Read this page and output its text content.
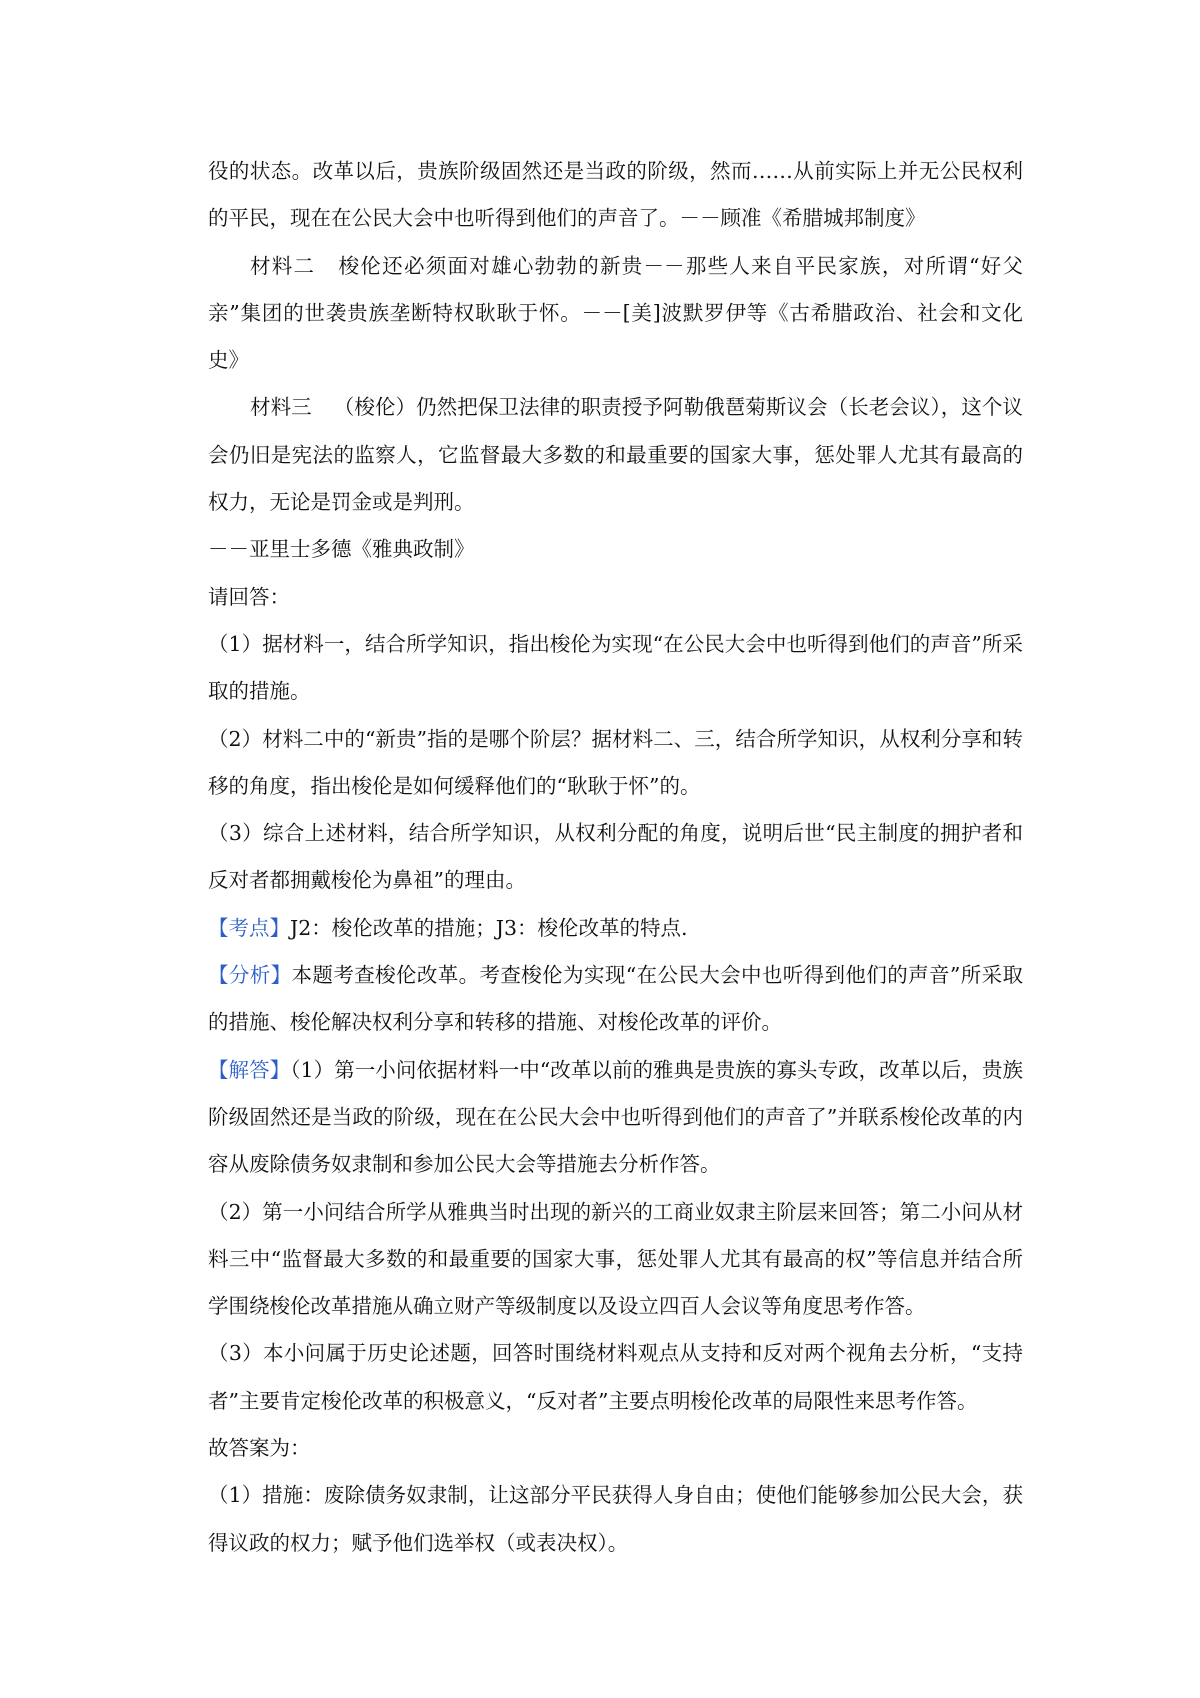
役的状态。改革以后，贵族阶级固然还是当政的阶级，然而……从前实际上并无公民权利的平民，现在在公民大会中也听得到他们的声音了。－－顾准《希腊城邦制度》

材料二 梭伦还必须面对雄心勃勃的新贵－－那些人来自平民家族，对所谓“好父亲”集团的世袭贵族垄断特权耿耿于怀。－－[美]波默罗伊等《古希腊政治、社会和文化史》

材料三 （梭伦）仍然把保卫法律的职责授予阿勒俄琶菊斯议会（长老会议），这个议会仍旧是宪法的监察人，它监督最大多数的和最重要的国家大事，惩处罪人尤其有最高的权力，无论是罚金或是判刑。

－－亚里士多德《雅典政制》

请回答：

（1）据材料一，结合所学知识，指出梭伦为实现“在公民大会中也听得到他们的声音”所采取的措施。

（2）材料二中的“新贵”指的是哪个阶层？据材料二、三，结合所学知识，从权利分享和转移的角度，指出梭伦是如何缓释他们的“耿耿于怀”的。

（3）综合上述材料，结合所学知识，从权利分配的角度，说明后世“民主制度的拥护者和反对者都拥戴梭伦为鼻祖”的理由。

【考点】J2：梭伦改革的措施；J3：梭伦改革的特点.

【分析】本题考查梭伦改革。考查梭伦为实现“在公民大会中也听得到他们的声音”所采取的措施、梭伦解决权利分享和转移的措施、对梭伦改革的评价。

【解答】（1）第一小问依据材料一中“改革以前的雅典是贵族的寡头专政，改革以后，贵族阶级固然还是当政的阶级，现在在公民大会中也听得到他们的声音了”并联系梭伦改革的内容从废除债务奴隶制和参加公民大会等措施去分析作答。

（2）第一小问结合所学从雅典当时出现的新兴的工商业奴隶主阶层来回答；第二小问从材料三中“监督最大多数的和最重要的国家大事，惩处罪人尤其有最高的权”等信息并结合所学围绕梭伦改革措施从确立财产等级制度以及设立四百人会议等角度思考作答。

（3）本小问属于历史论述题，回答时围绕材料观点从支持和反对两个视角去分析，“支持者”主要肯定梭伦改革的积极意义，“反对者”主要点明梭伦改革的局限性来思考作答。

故答案为：

（1）措施：废除债务奴隶制，让这部分平民获得人身自由；使他们能够参加公民大会，获得议政的权力；赋予他们选举权（或表决权）。
